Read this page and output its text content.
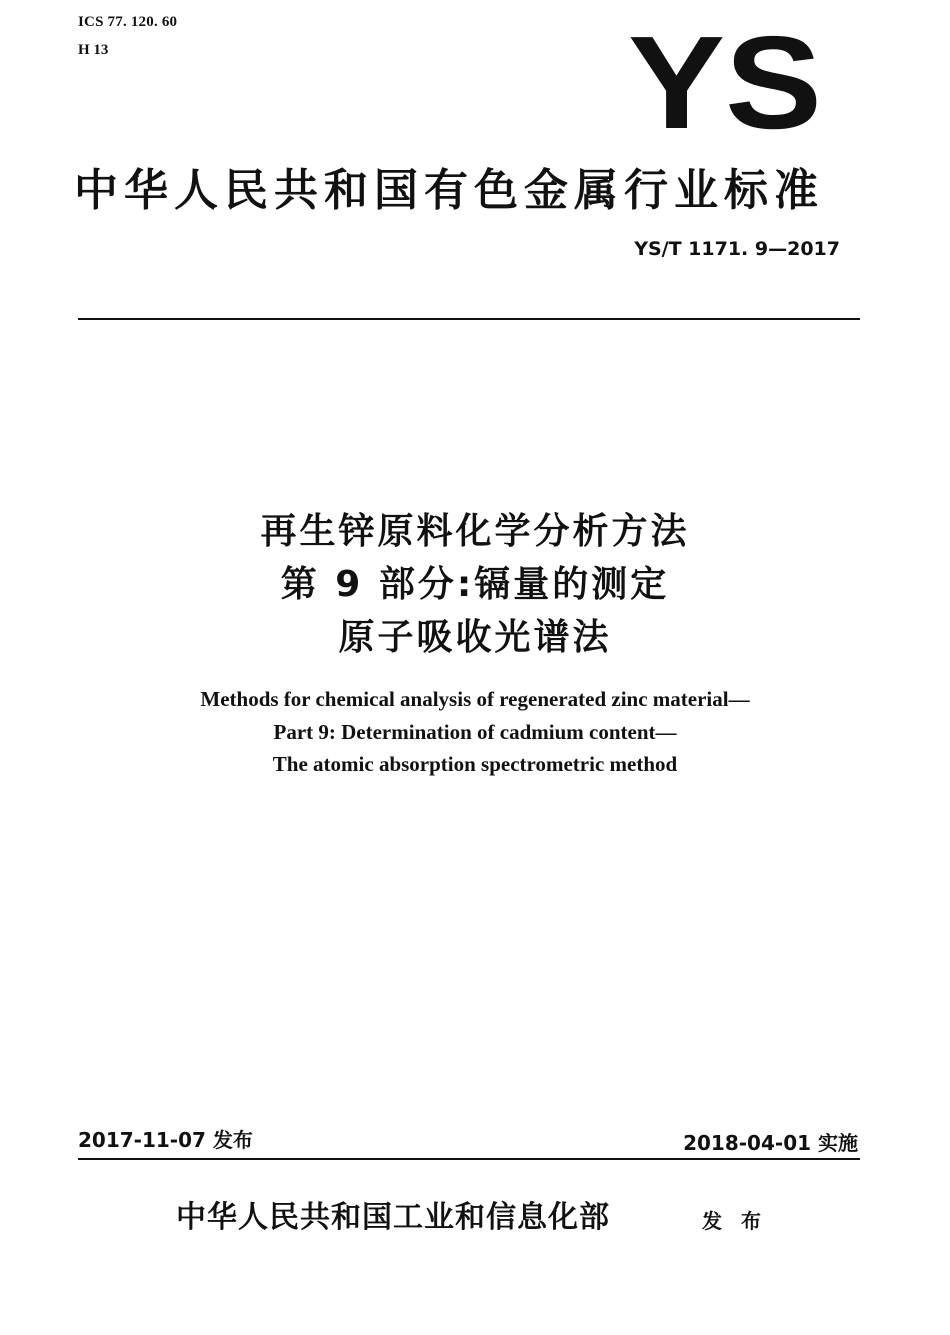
ICS 77. 120. 60
H 13	YS
中华人民共和国有色金属行业标准
YS/T 1171. 9—2017
再生锌原料化学分析方法
第 9 部分:镉量的测定
原子吸收光谱法
Methods for chemical analysis of regenerated zinc material—
Part 9: Determination of cadmium content—
The atomic absorption spectrometric method
2017-11-07 发布	2018-04-01 实施
中华人民共和国工业和信息化部	发 布
